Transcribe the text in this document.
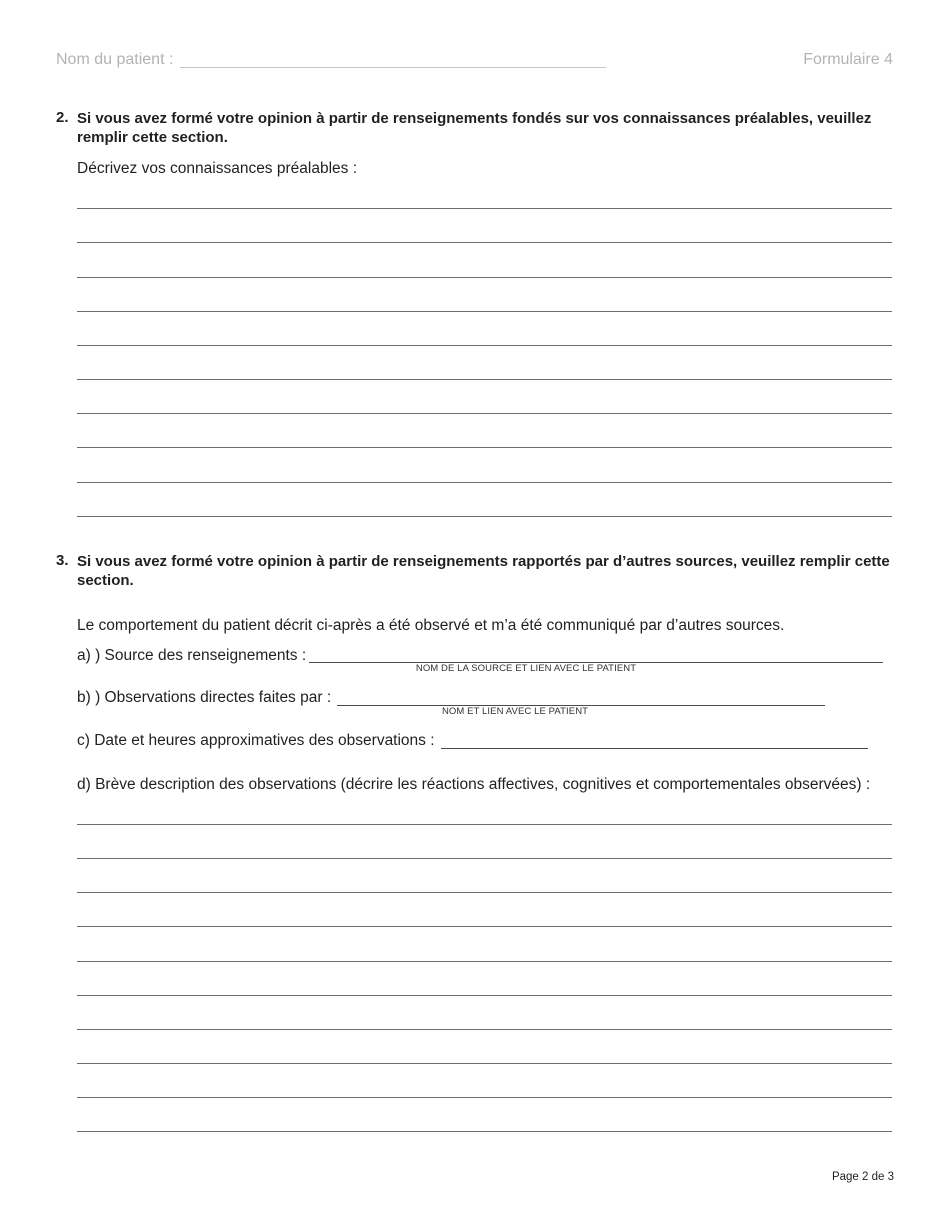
Nom du patient :	Formulaire 4
2. Si vous avez formé votre opinion à partir de renseignements fondés sur vos connaissances préalables, veuillez remplir cette section.
Décrivez vos connaissances préalables :
3. Si vous avez formé votre opinion à partir de renseignements rapportés par d’autres sources, veuillez remplir cette section.
Le comportement du patient décrit ci-après a été observé et m’a été communiqué par d’autres sources.
a) ) Source des renseignements :
NOM DE LA SOURCE ET LIEN AVEC LE PATIENT
b) ) Observations directes faites par :
NOM ET LIEN AVEC LE PATIENT
c) Date et heures approximatives des observations :
d) Brève description des observations (décrire les réactions affectives, cognitives et comportementales observées) :
Page 2 de 3
